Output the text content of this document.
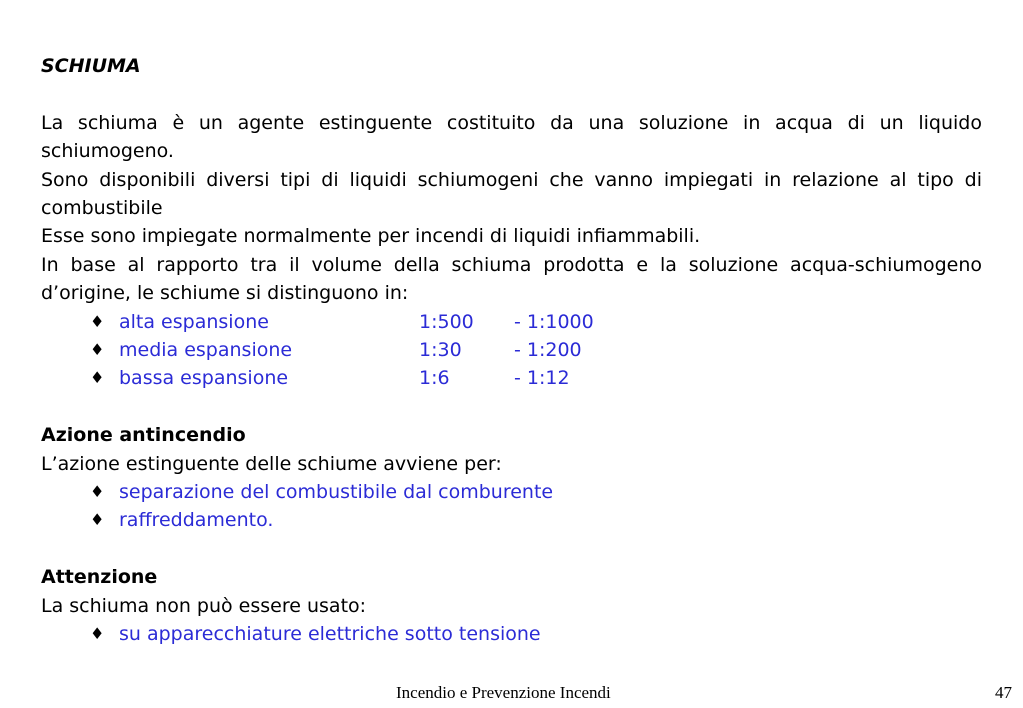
SCHIUMA

La schiuma è un agente estinguente costituito da una soluzione in acqua di un liquido schiumogeno.

Sono disponibili diversi tipi di liquidi schiumogeni che vanno impiegati in relazione al tipo di combustibile

Esse sono impiegate normalmente per incendi di liquidi infiammabili.

In base al rapporto tra il volume della schiuma prodotta e la soluzione acqua-schiumogeno d’origine, le schiume si distinguono in:

♦ alta espansione	1:500 - 1:1000
♦ media espansione	1:30	- 1:200
♦ bassa espansione	1:6	- 1:12

Azione antincendio

L’azione estinguente delle schiume avviene per:

♦ separazione del combustibile dal comburente
♦ raffreddamento.

Attenzione

La schiuma non può essere usato:

♦ su apparecchiature elettriche sotto tensione
Incendio e Prevenzione Incendi	47
